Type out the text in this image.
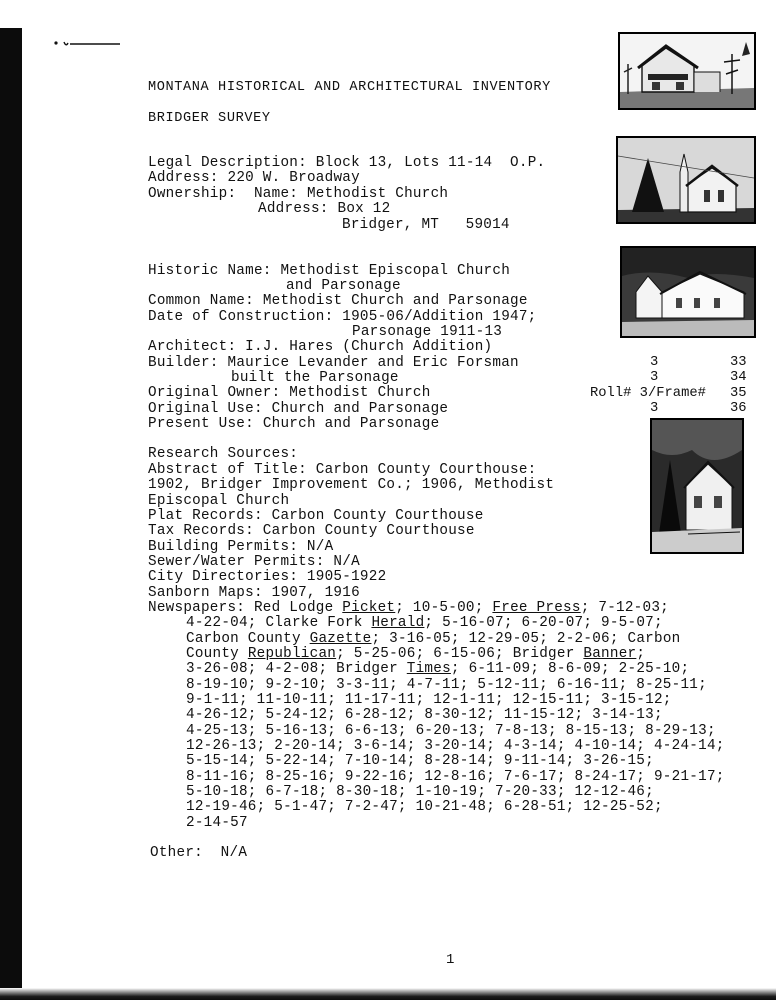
MONTANA HISTORICAL AND ARCHITECTURAL INVENTORY
BRIDGER SURVEY
Legal Description: Block 13, Lots 11-14  O.P.
Address: 220 W. Broadway
Ownership: Name: Methodist Church
Address: Box 12
Bridger, MT   59014
Historic Name: Methodist Episcopal Church
and Parsonage
Common Name: Methodist Church and Parsonage
Date of Construction: 1905-06/Addition 1947;
Parsonage 1911-13
Architect: I.J. Hares (Church Addition)
Builder: Maurice Levander and Eric Forsman
built the Parsonage
Original Owner: Methodist Church
Original Use: Church and Parsonage
Present Use: Church and Parsonage
Research Sources:
Abstract of Title: Carbon County Courthouse:
1902, Bridger Improvement Co.; 1906, Methodist
Episcopal Church
Plat Records: Carbon County Courthouse
Tax Records: Carbon County Courthouse
Building Permits: N/A
Sewer/Water Permits: N/A
City Directories: 1905-1922
Sanborn Maps: 1907, 1916
Newspapers: Red Lodge Picket; 10-5-00; Free Press; 7-12-03;
4-22-04; Clarke Fork Herald; 5-16-07; 6-20-07; 9-5-07;
Carbon County Gazette; 3-16-05; 12-29-05; 2-2-06; Carbon
County Republican; 5-25-06; 6-15-06; Bridger Banner;
3-26-08; 4-2-08; Bridger Times; 6-11-09; 8-6-09; 2-25-10;
8-19-10; 9-2-10; 3-3-11; 4-7-11; 5-12-11; 6-16-11; 8-25-11;
9-1-11; 11-10-11; 11-17-11; 12-1-11; 12-15-11; 3-15-12;
4-26-12; 5-24-12; 6-28-12; 8-30-12; 11-15-12; 3-14-13;
4-25-13; 5-16-13; 6-6-13; 6-20-13; 7-8-13; 8-15-13; 8-29-13;
12-26-13; 2-20-14; 3-6-14; 3-20-14; 4-3-14; 4-10-14; 4-24-14;
5-15-14; 5-22-14; 7-10-14; 8-28-14; 9-11-14; 3-26-15;
8-11-16; 8-25-16; 9-22-16; 12-8-16; 7-6-17; 8-24-17; 9-21-17;
5-10-18; 6-7-18; 8-30-18; 1-10-19; 7-20-33; 12-12-46;
12-19-46; 5-1-47; 7-2-47; 10-21-48; 6-28-51; 12-25-52;
2-14-57
Other: N/A
3	33
3	34
Roll# 3/Frame# 35
3	36
1
